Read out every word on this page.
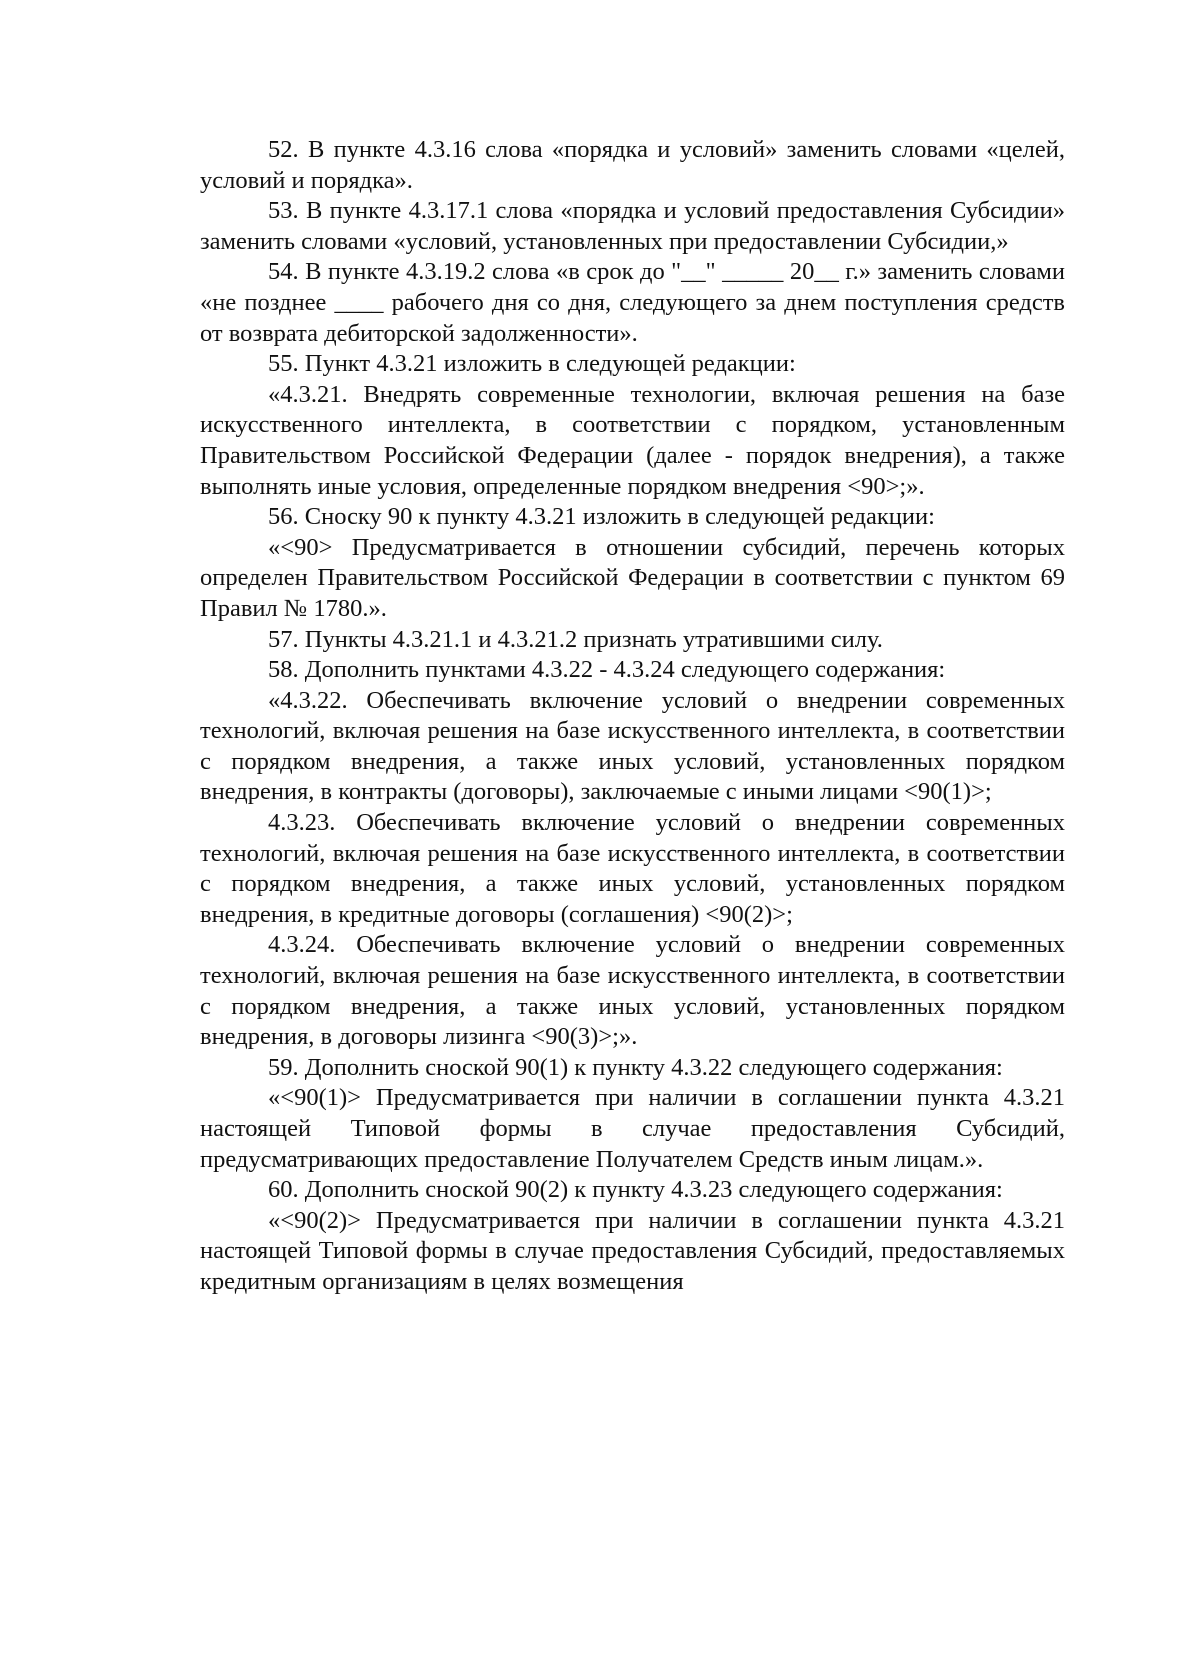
52. В пункте 4.3.16 слова «порядка и условий» заменить словами «целей, условий и порядка».

53. В пункте 4.3.17.1 слова «порядка и условий предоставления Субсидии» заменить словами «условий, установленных при предоставлении Субсидии,»

54. В пункте 4.3.19.2 слова «в срок до "__" _____ 20__ г.» заменить словами «не позднее ____ рабочего дня со дня, следующего за днем поступления средств от возврата дебиторской задолженности».

55. Пункт 4.3.21 изложить в следующей редакции:

«4.3.21. Внедрять современные технологии, включая решения на базе искусственного интеллекта, в соответствии с порядком, установленным Правительством Российской Федерации (далее - порядок внедрения), а также выполнять иные условия, определенные порядком внедрения <90>;».

56. Сноску 90 к пункту 4.3.21 изложить в следующей редакции:

«<90> Предусматривается в отношении субсидий, перечень которых определен Правительством Российской Федерации в соответствии с пунктом 69 Правил № 1780.».

57. Пункты 4.3.21.1 и 4.3.21.2 признать утратившими силу.

58. Дополнить пунктами 4.3.22 - 4.3.24 следующего содержания:

«4.3.22. Обеспечивать включение условий о внедрении современных технологий, включая решения на базе искусственного интеллекта, в соответствии с порядком внедрения, а также иных условий, установленных порядком внедрения, в контракты (договоры), заключаемые с иными лицами <90(1)>;

4.3.23. Обеспечивать включение условий о внедрении современных технологий, включая решения на базе искусственного интеллекта, в соответствии с порядком внедрения, а также иных условий, установленных порядком внедрения, в кредитные договоры (соглашения) <90(2)>;

4.3.24. Обеспечивать включение условий о внедрении современных технологий, включая решения на базе искусственного интеллекта, в соответствии с порядком внедрения, а также иных условий, установленных порядком внедрения, в договоры лизинга <90(3)>;».

59. Дополнить сноской 90(1) к пункту 4.3.22 следующего содержания:

«<90(1)> Предусматривается при наличии в соглашении пункта 4.3.21 настоящей Типовой формы в случае предоставления Субсидий, предусматривающих предоставление Получателем Средств иным лицам.».

60. Дополнить сноской 90(2) к пункту 4.3.23 следующего содержания:

«<90(2)> Предусматривается при наличии в соглашении пункта 4.3.21 настоящей Типовой формы в случае предоставления Субсидий, предоставляемых кредитным организациям в целях возмещения
